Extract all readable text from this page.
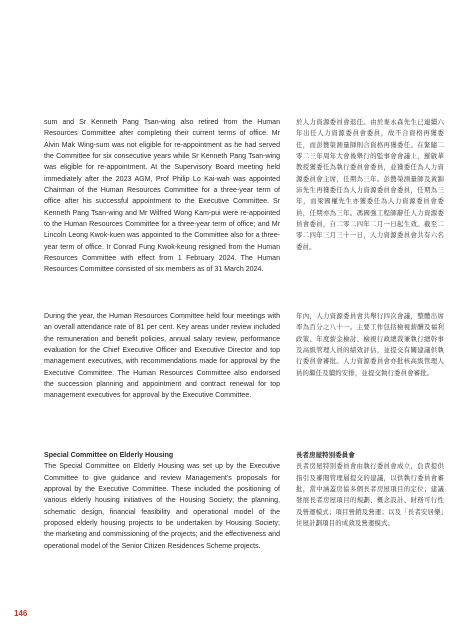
sum and Sr Kenneth Pang Tsan-wing also retired from the Human Resources Committee after completing their current terms of office. Mr Alvin Mak Wing-sum was not eligible for re-appointment as he had served the Committee for six consecutive years while Sr Kenneth Pang Tsan-wing was eligible for re-appointment. At the Supervisory Board meeting held immediately after the 2023 AGM, Prof Philip Lo Kai-wah was appointed Chairman of the Human Resources Committee for a three-year term of office after his successful appointment to the Executive Committee. Sr Kenneth Pang Tsan-wing and Mr Wilfred Wong Kam-pui were re-appointed to the Human Resources Committee for a three-year term of office; and Mr Lincoln Leong Kwok-kuen was appointed to the Committee also for a three-year term of office. Ir Conrad Fung Kwok-keung resigned from the Human Resources Committee with effect from 1 February 2024. The Human Resources Committee consisted of six members as of 31 March 2024.

During the year, the Human Resources Committee held four meetings with an overall attendance rate of 81 per cent. Key areas under review included the remuneration and benefit policies, annual salary review, performance evaluation for the Chief Executive Officer and Executive Director and top management executives, with recommendations made for approval by the Executive Committee. The Human Resources Committee also endorsed the succession planning and appointment and contract renewal for top management executives for approval by the Executive Committee.

Special Committee on Elderly Housing

The Special Committee on Elderly Housing was set up by the Executive Committee to give guidance and review Management’s proposals for approval by the Executive Committee. These included the positioning of various elderly housing initiatives of the Housing Society; the planning, schematic design, financial feasibility and operational model of the proposed elderly housing projects to be undertaken by Housing Society; the marketing and commissioning of the projects; and the effectiveness and operational model of the Senior Citizen Residences Scheme projects.

於人力資源委員會退任。由於麥永森先生已連續六年出任人力資源委員會委員，故不合資格再獲委任，而彭贊榮測量師則合資格再獲委任。在緊隨二零二三年周年大會後舉行的監事會會議上，羅啟華教授獲委任為執行委員會委員，並獲委任為人力資源委員會主席，任期為三年。彭贊榮測量師及黃錦沛先生再獲委任為人力資源委員會委員，任期為三年，而梁國權先生亦獲委任為人力資源委員會委員，任期亦為三年。馮國強工程師辭任人力資源委員會委員，自二零二四年二月一日起生效。截至二零二四年三月三十一日，人力資源委員會共有六名委員。

年內，人力資源委員會共舉行四次會議，整體出席率為百分之八十一。主要工作包括檢視薪酬及福利政策、年度薪金檢討、檢視行政總裁兼執行總幹事及高級管理人員的績效評估，並提交有關建議供執行委員會審批。人力資源委員會亦批核高級管理人員的繼任及續約安排，並提交執行委員會審批。

長者房屋特別委員會

長者房屋特別委員會由執行委員會成立，負責提供指引及審閱管理層提交的建議，以供執行委員會審批，當中涵蓋房協多個長者房屋項目的定位；建議發展長者房屋項目的規劃、概念設計、財務可行性及營運模式；項目營銷及營運；以及「長者安居樂」住屋計劃項目的成效及營運模式。

146
